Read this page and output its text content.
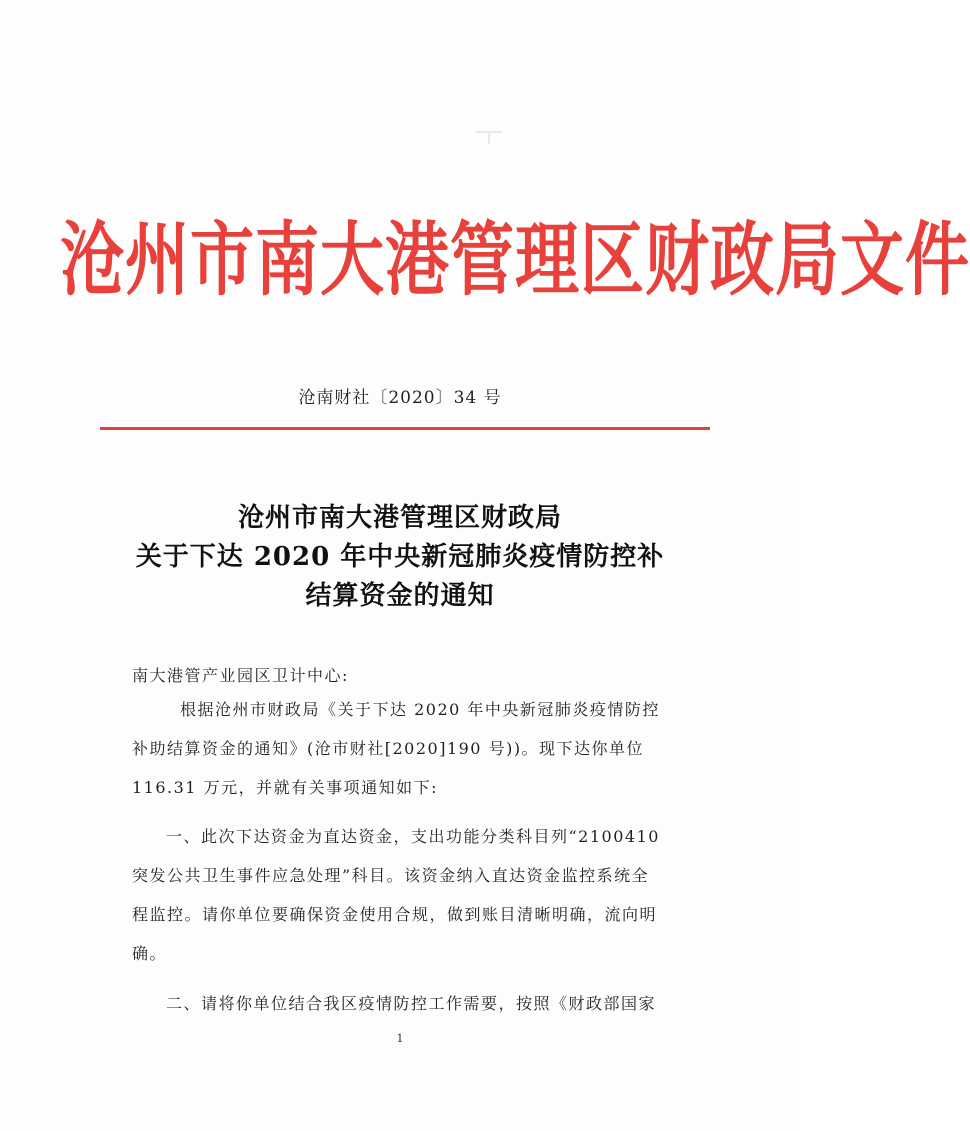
沧州市南大港管理区财政局文件
沧南财社〔2020〕34 号
沧州市南大港管理区财政局
关于下达 2020 年中央新冠肺炎疫情防控补
结算资金的通知
南大港管产业园区卫计中心:
根据沧州市财政局《关于下达 2020 年中央新冠肺炎疫情防控
补助结算资金的通知》(沧市财社[2020]190 号))。现下达你单位
116.31 万元，并就有关事项通知如下:
一、此次下达资金为直达资金，支出功能分类科目列“2100410
突发公共卫生事件应急处理”科目。该资金纳入直达资金监控系统全
程监控。请你单位要确保资金使用合规，做到账目清晰明确，流向明
确。
二、请将你单位结合我区疫情防控工作需要，按照《财政部国家
1
